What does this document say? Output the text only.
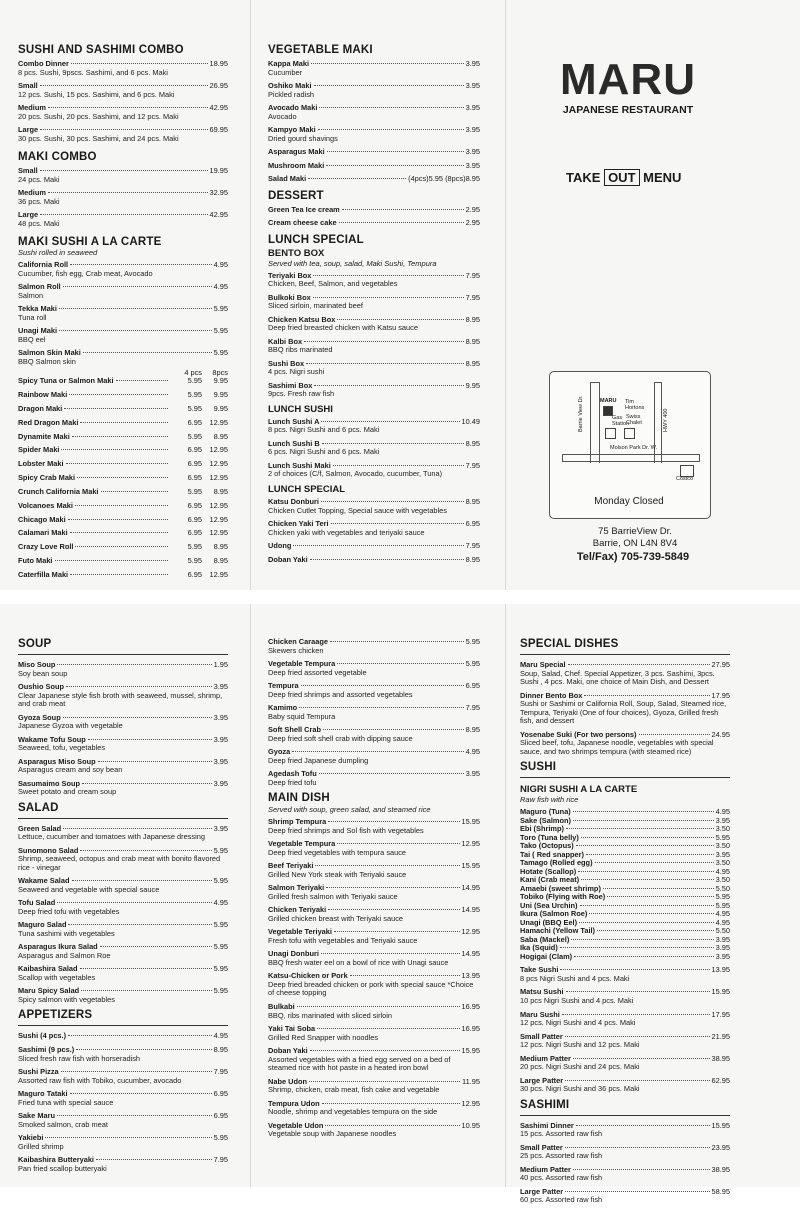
SUSHI AND SASHIMI COMBO
Combo Dinner	18.95
8 pcs. Sushi, 9pscs. Sashimi, and 6 pcs. Maki
Small	26.95
12 pcs. Sushi, 15 pcs. Sashimi, and 6 pcs. Maki
Medium	42.95
20 pcs. Sushi, 20 pcs. Sashimi, and 12 pcs. Maki
Large	69.95
30 pcs. Sushi, 30 pcs. Sashimi, and 24 pcs. Maki
MAKI COMBO
Small	19.95
24 pcs. Maki
Medium	32.95
36 pcs. Maki
Large	42.95
48 pcs. Maki
MAKI SUSHI A LA CARTE
Sushi rolled in seaweed
California Roll	4.95
Cucumber, fish egg, Crab meat, Avocado
Salmon Roll	4.95
Salmon
Tekka Maki	5.95
Tuna roll
Unagi Maki	5.95
BBQ eel
Salmon Skin Maki	5.95
BBQ Salmon skin
4 pcs	8pcs
Spicy Tuna or Salmon Maki	5.95	9.95
Rainbow Maki	5.95	9.95
Dragon Maki	5.95	9.95
Red Dragon Maki	6.95	12.95
Dynamite Maki	5.95	8.95
Spider Maki	6.95	12.95
Lobster Maki	6.95	12.95
Spicy Crab Maki	6.95	12.95
Crunch California Maki	5.95	8.95
Volcanoes Maki	6.95	12.95
Chicago Maki	6.95	12.95
Calamari Maki	6.95	12.95
Crazy Love Roll	5.95	8.95
Futo Maki	5.95	8.95
Caterfilla Maki	6.95	12.95
VEGETABLE MAKI
Kappa Maki	3.95
Cucumber
Oshiko Maki	3.95
Pickled radish
Avocado Maki	3.95
Avocado
Kampyo Maki	3.95
Dried gourd shavings
Asparagus Maki	3.95
Mushroom Maki	3.95
Salad Maki	(4pcs)5.95 (8pcs)8.95
DESSERT
Green Tea Ice cream	2.95
Cream cheese cake	2.95
LUNCH SPECIAL
BENTO BOX
Served with tea, soup, salad, Maki Sushi, Tempura
Teriyaki Box	7.95
Chicken, Beef, Salmon, and vegetables
Bulkoki Box	7.95
Sliced sirloin, marinated beef
Chicken Katsu Box	8.95
Deep fried breasted chicken with Katsu sauce
Kalbi Box	8.95
BBQ ribs marinated
Sushi Box	8.95
4 pcs. Nigri sushi
Sashimi Box	9.95
9pcs. Fresh raw fish
LUNCH SUSHI
Lunch Sushi A	10.49
8 pcs. Nigri Sushi and 6 pcs. Maki
Lunch Sushi B	8.95
6 pcs. Nigri Sushi and 6 pcs. Maki
Lunch Sushi Maki	7.95
2 of choices (C/f, Salmon, Avocado, cucumber, Tuna)
LUNCH SPECIAL
Katsu Donburi	8.95
Chicken Cutlet Topping, Special sauce with vegetables
Chicken Yaki Teri	6.95
Chicken yaki with vegetables and teriyaki sauce
Udong	7.95
Doban Yaki	8.95
MARU
JAPANESE RESTAURANT
TAKE OUT MENU
MARU
Barrie View Dr.	HWY 400
Gas Station
Swiss Chalet
Tim Hortons
Molson Park Dr. W.
Costco
Monday Closed
75 BarrieView Dr.
Barrie, ON L4N 8V4
Tel/Fax) 705-739-5849
SOUP
Miso Soup	1.95
Soy bean soup
Oushio Soup	3.95
Clear Japanese style fish broth with seaweed, mussel, shrimp, and crab meat
Gyoza Soup	3.95
Japanese Gyzoa with vegetable
Wakame Tofu Soup	3.95
Seaweed, tofu, vegetables
Asparagus Miso Soup	3.95
Asparagus cream and soy bean
Sasumaimo Soup	3.95
Sweet potato and cream soup
SALAD
Green Salad	3.95
Lettuce, cucumber and tomatoes with Japanese dressing
Sunomono Salad	5.95
Shrimp, seaweed, octopus and crab meat with bonito flavored rice - vinegar
Wakame Salad	5.95
Seaweed and vegetable with special sauce
Tofu Salad	4.95
Deep fried tofu with vegetables
Maguro Salad	5.95
Tuna sashimi with vegetables
Asparagus Ikura Salad	5.95
Asparagus and Salmon Roe
Kaibashira Salad	5.95
Scallop with vegetables
Maru Spicy Salad	5.95
Spicy salmon with vegetables
APPETIZERS
Sushi (4 pcs.)	4.95
Sashimi (9 pcs.)	8.95
Sliced fresh raw fish with horseradish
Sushi Pizza	7.95
Assorted raw fish with Tobiko, cucumber, avocado
Maguro Tataki	6.95
Fried tuna with special sauce
Sake Maru	6.95
Smoked salmon, crab meat
Yakiebi	5.95
Grilled shrimp
Kaibashira Butteryaki	7.95
Pan fried scallop butteryaki
Chicken Caraage	5.95
Skewers chicken
Vegetable Tempura	5.95
Deep fried assorted vegetable
Tempura	6.95
Deep fried shrimps and assorted vegetables
Kamimo	7.95
Baby squid Tempura
Soft Shell Crab	8.95
Deep fried soft shell crab with dipping sauce
Gyoza	4.95
Deep fried Japanese dumpling
Agedash Tofu	3.95
Deep fried tofu
MAIN DISH
Served with soup, green salad, and steamed rice
Shrimp Tempura	15.95
Deep fried shrimps and Sol fish with vegetables
Vegetable Tempura	12.95
Deep fried vegetables with tempura sauce
Beef Teriyaki	15.95
Grilled New York steak with Teriyaki sauce
Salmon Teriyaki	14.95
Grilled fresh salmon with Teriyaki sauce
Chicken Teriyaki	14.95
Grilled chicken breast with Teriyaki sauce
Vegetable Teriyaki	12.95
Fresh tofu with vegetables and Teriyaki sauce
Unagi Donburi	14.95
BBQ fresh water eel on a bowl of rice with Unagi sauce
Katsu-Chicken or Pork	13.95
Deep fried breaded chicken or pork with special sauce *Choice of cheese topping
Bulkabi	16.95
BBQ, ribs marinated with sliced sirloin
Yaki Tai Soba	16.95
Grilled Red Snapper with noodles
Doban Yaki	15.95
Assorted vegetables with a fried egg served on a bed of steamed rice with hot paste in a heated iron bowl
Nabe Udon	11.95
Shrimp, chicken, crab meat, fish cake and vegetable
Tempura Udon	12.95
Noodle, shrimp and vegetables tempura on the side
Vegetable Udon	10.95
Vegetable soup with Japanese noodles
SPECIAL DISHES
Maru Special	27.95
Soup, Salad, Chef. Special Appetizer, 3 pcs. Sashimi, 3pcs. Sushi , 4 pcs. Maki, one choice of Main Dish, and Dessert
Dinner Bento Box	17.95
Sushi or Sashimi or California Roll, Soup, Salad, Steamed rice, Tempura, Teriyaki (One of four choices), Gyoza, Grilled fresh fish, and dessert
Yosenabe Suki (For two persons)	24.95
Sliced beef, tofu, Japanese noodle, vegetables with special sauce, and two shrimps tempura (with steamed rice)
SUSHI
NIGRI SUSHI A LA CARTE
Raw fish with rice
Maguro (Tuna)	4.95
Sake (Salmon)	3.95
Ebi (Shrimp)	3.50
Toro (Tuna belly)	5.95
Tako (Octopus)	3.50
Tai ( Red snapper)	3.95
Tamago (Rolled egg)	3.50
Hotate (Scallop)	4.95
Kani (Crab meat)	3.50
Amaebi (sweet shrimp)	5.50
Tobiko (Flying with Roe)	5.95
Uni (Sea Urchin)	5.95
Ikura (Salmon Roe)	4.95
Unagi (BBQ Eel)	4.95
Hamachi (Yellow Tail)	5.50
Saba (Mackel)	3.95
Ika (Squid)	3.95
Hogigai (Clam)	3.95
Take Sushi	13.95
8 pcs Nigri Sushi and 4 pcs. Maki
Matsu Sushi	15.95
10 pcs Nigri Sushi and 4 pcs. Maki
Maru Sushi	17.95
12 pcs. Nigri Sushi and 4 pcs. Maki
Small Patter	21.95
12 pcs. Nigri Sushi and 12 pcs. Maki
Medium Patter	38.95
20 pcs. Nigri Sushi and 24 pcs. Maki
Large Patter	62.95
30 pcs. Nigri Sushi and 36 pcs. Maki
SASHIMI
Sashimi Dinner	15.95
15 pcs. Assorted raw fish
Small Patter	23.95
25 pcs. Assorted raw fish
Medium Patter	38.95
40 pcs. Assorted raw fish
Large Patter	58.95
60 pcs. Assorted raw fish
